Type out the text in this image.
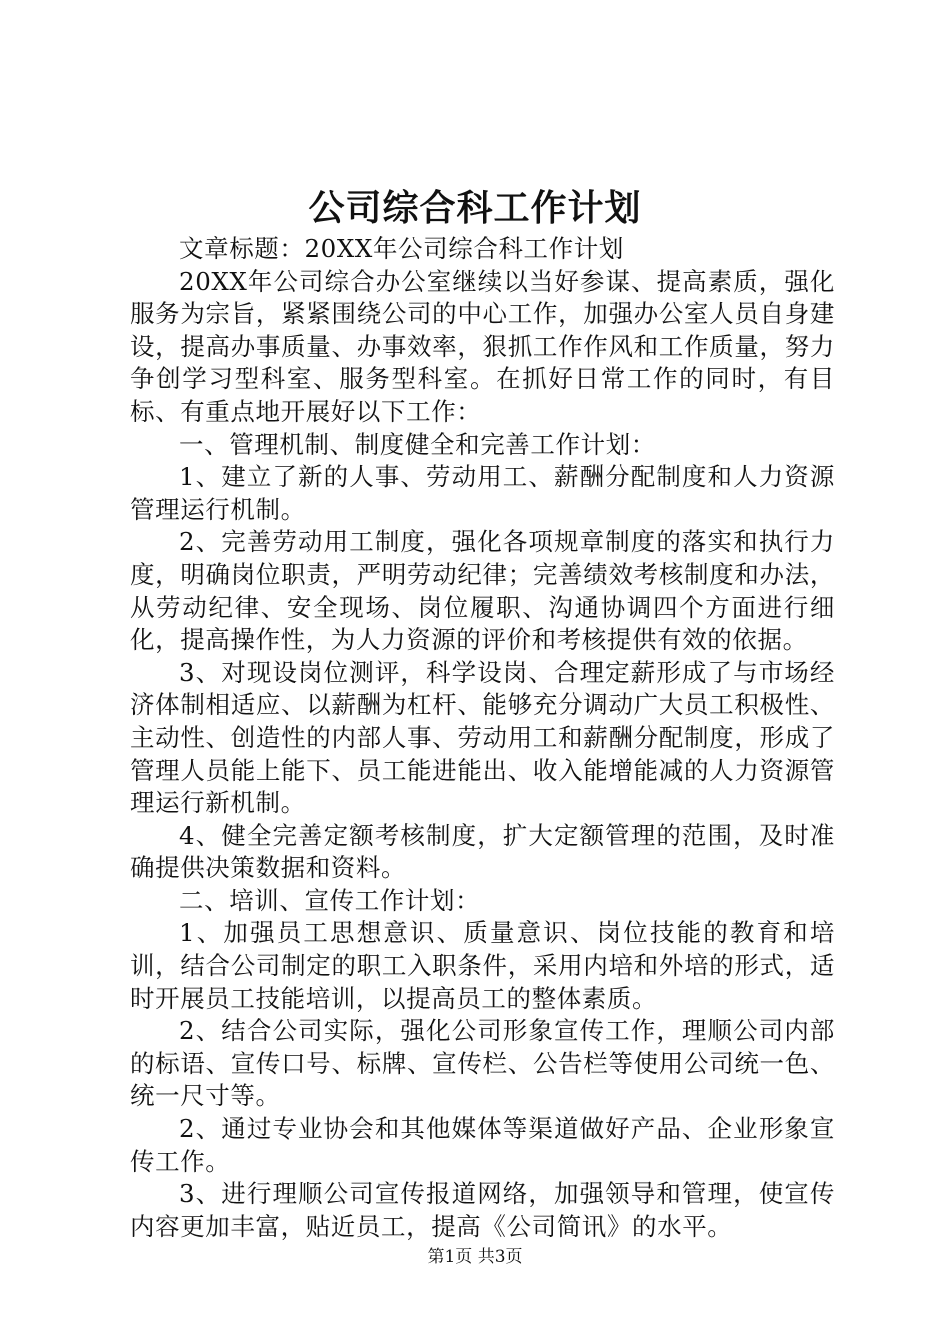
公司综合科工作计划

文章标题：20XX年公司综合科工作计划

20XX年公司综合办公室继续以当好参谋、提高素质，强化服务为宗旨，紧紧围绕公司的中心工作，加强办公室人员自身建设，提高办事质量、办事效率，狠抓工作作风和工作质量，努力争创学习型科室、服务型科室。在抓好日常工作的同时，有目标、有重点地开展好以下工作：

一、管理机制、制度健全和完善工作计划：

1、建立了新的人事、劳动用工、薪酬分配制度和人力资源管理运行机制。

2、完善劳动用工制度，强化各项规章制度的落实和执行力度，明确岗位职责，严明劳动纪律；完善绩效考核制度和办法，从劳动纪律、安全现场、岗位履职、沟通协调四个方面进行细化，提高操作性，为人力资源的评价和考核提供有效的依据。

3、对现设岗位测评，科学设岗、合理定薪形成了与市场经济体制相适应、以薪酬为杠杆、能够充分调动广大员工积极性、主动性、创造性的内部人事、劳动用工和薪酬分配制度，形成了管理人员能上能下、员工能进能出、收入能增能减的人力资源管理运行新机制。

4、健全完善定额考核制度，扩大定额管理的范围，及时准确提供决策数据和资料。

二、培训、宣传工作计划：

1、加强员工思想意识、质量意识、岗位技能的教育和培训，结合公司制定的职工入职条件，采用内培和外培的形式，适时开展员工技能培训，以提高员工的整体素质。

2、结合公司实际，强化公司形象宣传工作，理顺公司内部的标语、宣传口号、标牌、宣传栏、公告栏等使用公司统一色、统一尺寸等。

2、通过专业协会和其他媒体等渠道做好产品、企业形象宣传工作。

3、进行理顺公司宣传报道网络，加强领导和管理，使宣传内容更加丰富，贴近员工，提高《公司简讯》的水平。

第1页 共3页
